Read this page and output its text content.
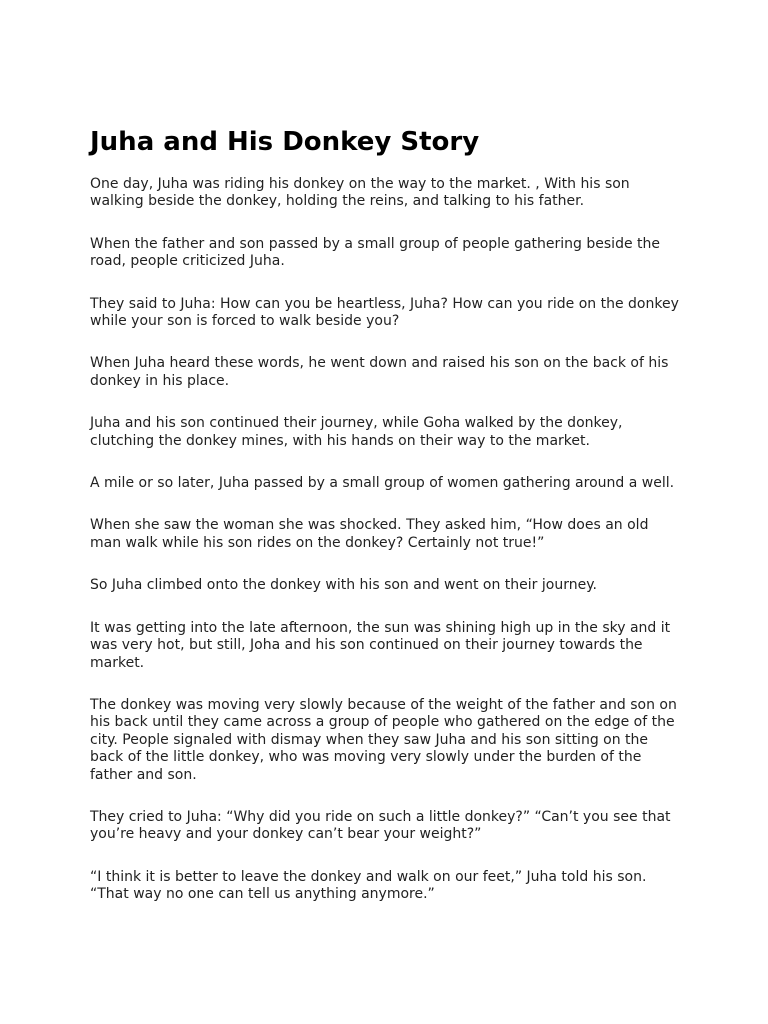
Juha and His Donkey Story

One day, Juha was riding his donkey on the way to the market. , With his son walking beside the donkey, holding the reins, and talking to his father.

When the father and son passed by a small group of people gathering beside the road, people criticized Juha.

They said to Juha: How can you be heartless, Juha? How can you ride on the donkey while your son is forced to walk beside you?

When Juha heard these words, he went down and raised his son on the back of his donkey in his place.

Juha and his son continued their journey, while Goha walked by the donkey, clutching the donkey mines, with his hands on their way to the market.

A mile or so later, Juha passed by a small group of women gathering around a well.

When she saw the woman she was shocked. They asked him, “How does an old man walk while his son rides on the donkey? Certainly not true!”

So Juha climbed onto the donkey with his son and went on their journey.

It was getting into the late afternoon, the sun was shining high up in the sky and it was very hot, but still, Joha and his son continued on their journey towards the market.

The donkey was moving very slowly because of the weight of the father and son on his back until they came across a group of people who gathered on the edge of the city. People signaled with dismay when they saw Juha and his son sitting on the back of the little donkey, who was moving very slowly under the burden of the father and son.

They cried to Juha: “Why did you ride on such a little donkey?” “Can’t you see that you’re heavy and your donkey can’t bear your weight?”

“I think it is better to leave the donkey and walk on our feet,” Juha told his son. “That way no one can tell us anything anymore.”
